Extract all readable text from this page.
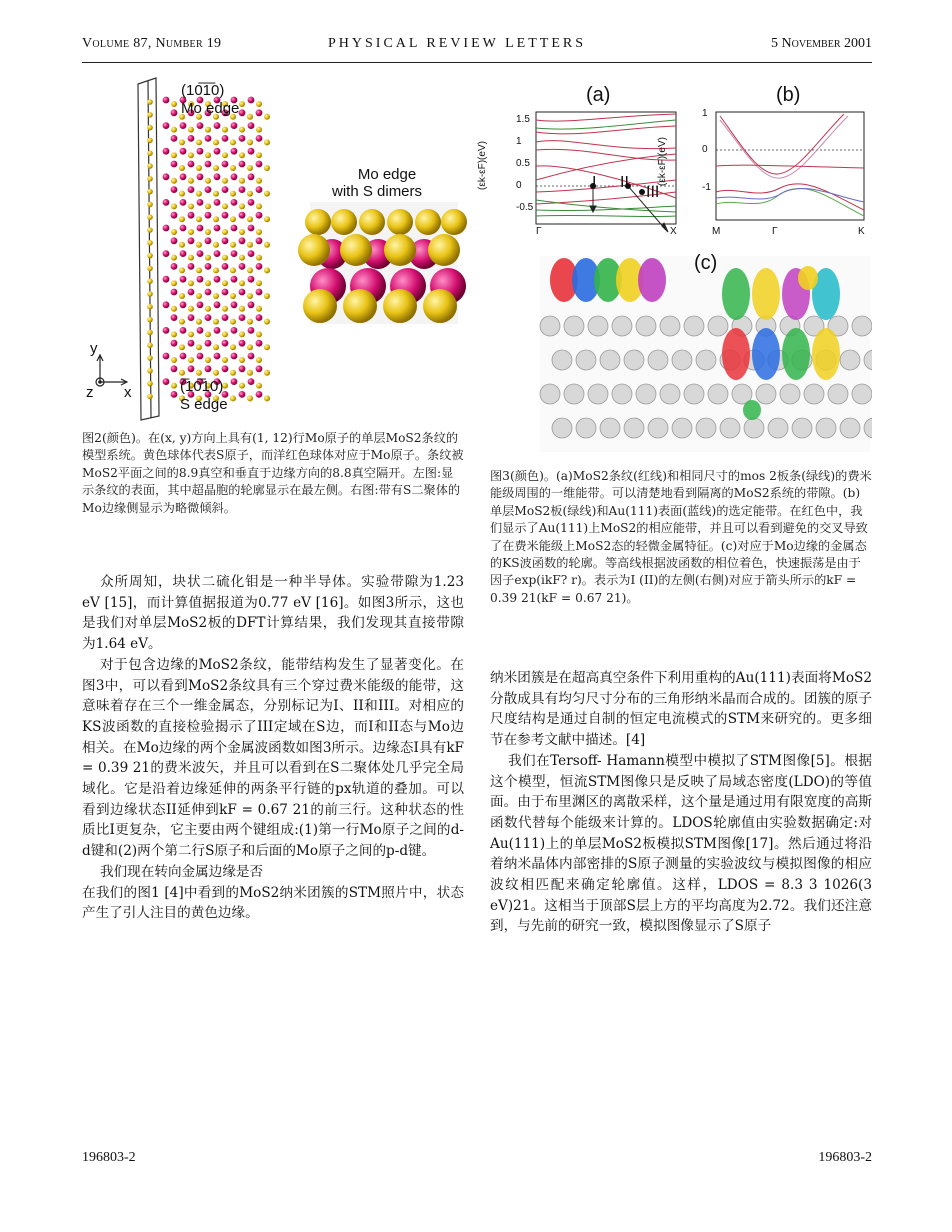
Volume 87, Number 19	PHYSICAL REVIEW LETTERS	5 November 2001
(10̅1̅0)
Mo edge
Mo edge
with S dimers
(̅10̅10)
S edge
y
z x
图2(颜色)。在(x, y)方向上具有(1, 12)行Mo原子的单层MoS2条纹的模型系统。黄色球体代表S原子，而洋红色球体对应于Mo原子。条纹被MoS2平面之间的8.9真空和垂直于边缘方向的8.8真空隔开。左图:显示条纹的表面，其中超晶胞的轮廓显示在最左侧。右图:带有S二聚体的Mo边缘侧显示为略微倾斜。
(a)	(b)
(c)
(εk-εF)(eV)	(εk-εF)(eV)
I II
III
1.5
1
0.5
0
-0.5
Γ	X
1
0
-1
M	Γ	K
图3(颜色)。(a)MoS2条纹(红线)和相同尺寸的mos 2板条(绿线)的费米能级周围的一维能带。可以清楚地看到隔离的MoS2系统的带隙。(b)单层MoS2板(绿线)和Au(111)表面(蓝线)的选定能带。在红色中，我们显示了Au(111)上MoS2的相应能带，并且可以看到避免的交叉导致了在费米能级上MoS2态的轻微金属特征。(c)对应于Mo边缘的金属态的KS波函数的轮廓。等高线根据波函数的相位着色，快速振荡是由于因子exp(ikF? r)。表示为I (II)的左侧(右侧)对应于箭头所示的kF = 0.39 21(kF = 0.67 21)。

众所周知，块状二硫化钼是一种半导体。实验带隙为1.23 eV [15]，而计算值据报道为0.77 eV [16]。如图3所示，这也是我们对单层MoS2板的DFT计算结果，我们发现其直接带隙为1.64 eV。

对于包含边缘的MoS2条纹，能带结构发生了显著变化。在图3中，可以看到MoS2条纹具有三个穿过费米能级的能带，这意味着存在三个一维金属态，分别标记为I、II和III。对相应的KS波函数的直接检验揭示了III定域在S边，而I和II态与Mo边相关。在Mo边缘的两个金属波函数如图3所示。边缘态I具有kF = 0.39 21的费米波矢，并且可以看到在S二聚体处几乎完全局域化。它是沿着边缘延伸的两条平行链的px轨道的叠加。可以看到边缘状态II延伸到kF = 0.67 21的前三行。这种状态的性质比I更复杂，它主要由两个键组成:(1)第一行Mo原子之间的d-d键和(2)两个第二行S原子和后面的Mo原子之间的p-d键。

我们现在转向金属边缘是否

在我们的图1 [4]中看到的MoS2纳米团簇的STM照片中，状态产生了引人注目的黄色边缘。

纳米团簇是在超高真空条件下利用重构的Au(111)表面将MoS2分散成具有均匀尺寸分布的三角形纳米晶而合成的。团簇的原子尺度结构是通过自制的恒定电流模式的STM来研究的。更多细节在参考文献中描述。[4]

我们在Tersoff- Hamann模型中模拟了STM图像[5]。根据这个模型，恒流STM图像只是反映了局域态密度(LDO)的等值面。由于布里渊区的离散采样，这个量是通过用有限宽度的高斯函数代替每个能级来计算的。LDOS轮廓值由实验数据确定:对Au(111)上的单层MoS2板模拟STM图像[17]。然后通过将沿着纳米晶体内部密排的S原子测量的实验波纹与模拟图像的相应波纹相匹配来确定轮廓值。这样，LDOS = 8.3 3 1026(3 eV)21。这相当于顶部S层上方的平均高度为2.72。我们还注意到，与先前的研究一致，模拟图像显示了S原子

196803-2	196803-2
